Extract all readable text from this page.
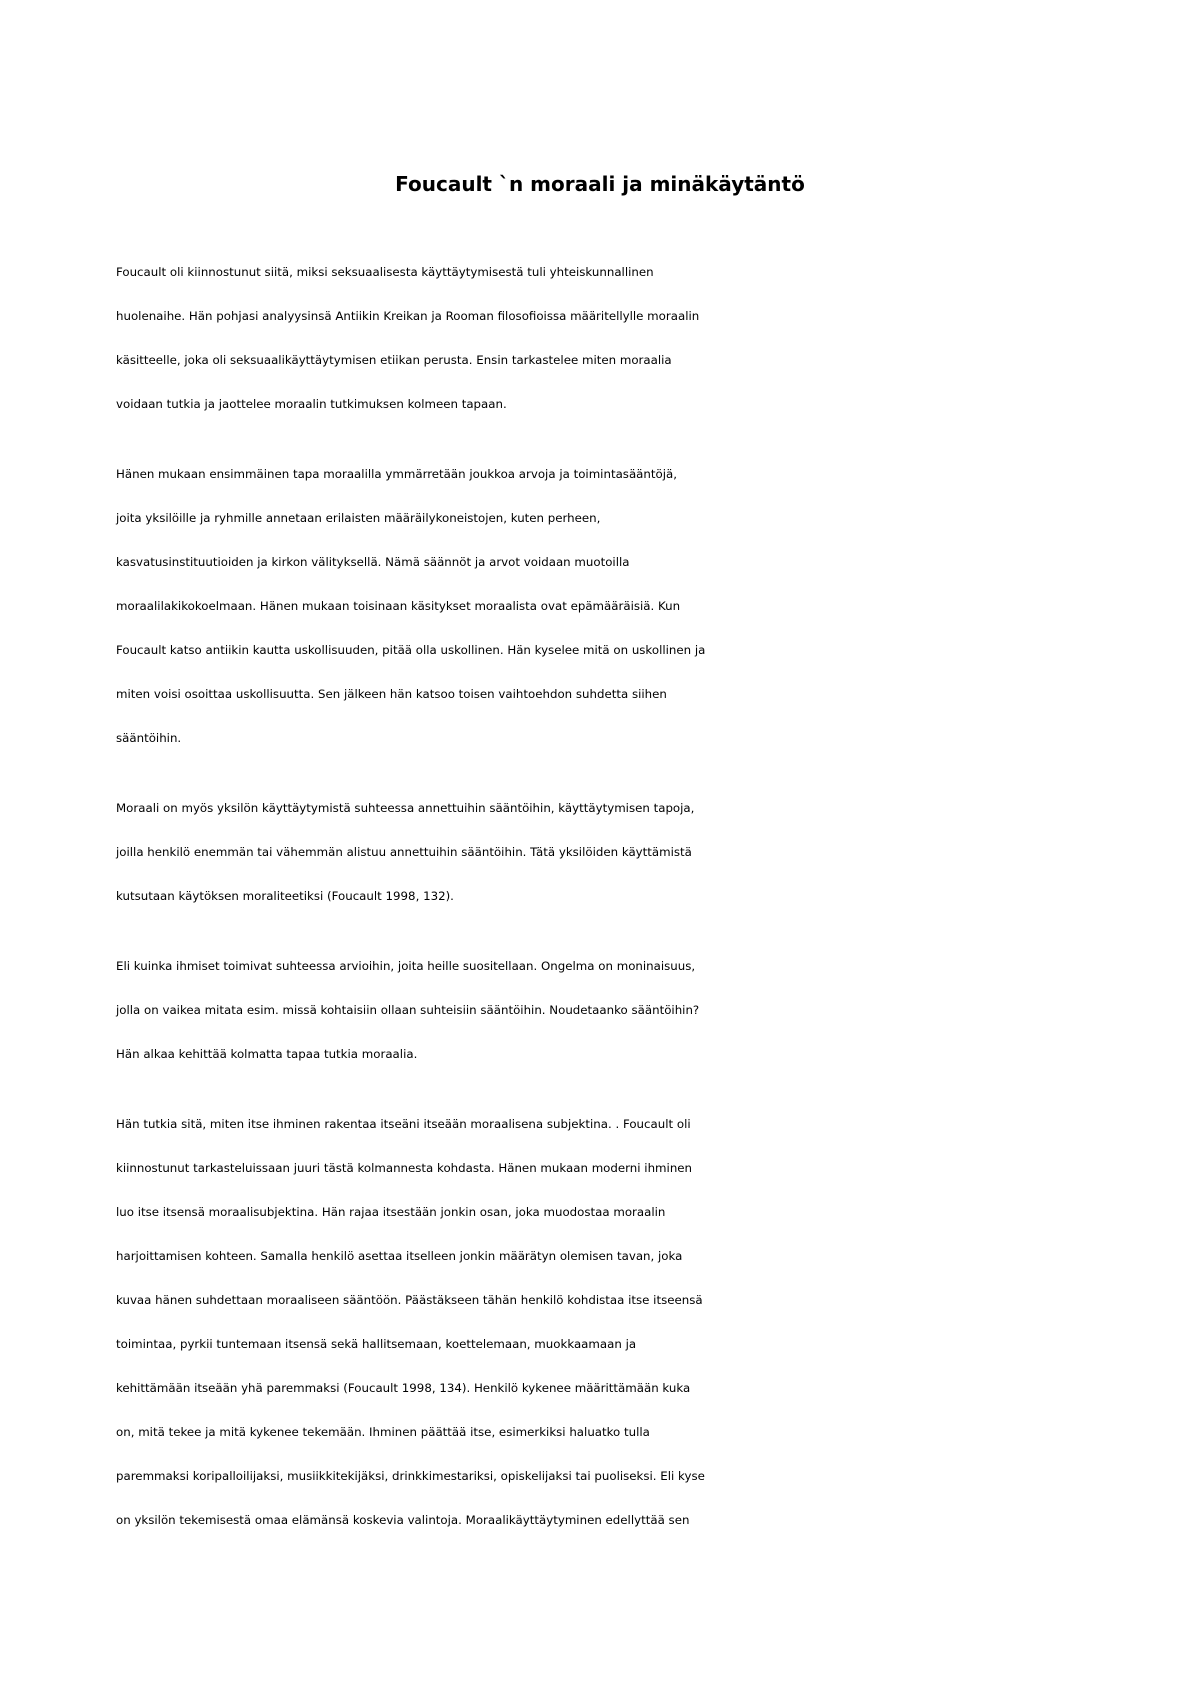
Foucault `n moraali ja minäkäytäntö

Foucault oli kiinnostunut siitä, miksi seksuaalisesta käyttäytymisestä tuli yhteiskunnallinen
huolenaihe. Hän pohjasi analyysinsä Antiikin Kreikan ja Rooman filosofioissa määritellylle moraalin
käsitteelle, joka oli seksuaalikäyttäytymisen etiikan perusta. Ensin tarkastelee miten moraalia
voidaan tutkia ja jaottelee moraalin tutkimuksen kolmeen tapaan.

Hänen mukaan ensimmäinen tapa moraalilla ymmärretään joukkoa arvoja ja toimintasääntöjä,
joita yksilöille ja ryhmille annetaan erilaisten määräilykoneistojen, kuten perheen,
kasvatusinstituutioiden ja kirkon välityksellä. Nämä säännöt ja arvot voidaan muotoilla
moraalilakikokoelmaan. Hänen mukaan toisinaan käsitykset moraalista ovat epämääräisiä. Kun
Foucault katso antiikin kautta uskollisuuden, pitää olla uskollinen. Hän kyselee mitä on uskollinen ja
miten voisi osoittaa uskollisuutta. Sen jälkeen hän katsoo toisen vaihtoehdon suhdetta siihen
sääntöihin.

Moraali on myös yksilön käyttäytymistä suhteessa annettuihin sääntöihin, käyttäytymisen tapoja,
joilla henkilö enemmän tai vähemmän alistuu annettuihin sääntöihin. Tätä yksilöiden käyttämistä
kutsutaan käytöksen moraliteetiksi (Foucault 1998, 132).

Eli kuinka ihmiset toimivat suhteessa arvioihin, joita heille suositellaan. Ongelma on moninaisuus,
jolla on vaikea mitata esim. missä kohtaisiin ollaan suhteisiin sääntöihin. Noudetaanko sääntöihin?
Hän alkaa kehittää kolmatta tapaa tutkia moraalia.

Hän tutkia sitä, miten itse ihminen rakentaa itseäni itseään moraalisena subjektina. . Foucault oli
kiinnostunut tarkasteluissaan juuri tästä kolmannesta kohdasta. Hänen mukaan moderni ihminen
luo itse itsensä moraalisubjektina. Hän rajaa itsestään jonkin osan, joka muodostaa moraalin
harjoittamisen kohteen. Samalla henkilö asettaa itselleen jonkin määrätyn olemisen tavan, joka
kuvaa hänen suhdettaan moraaliseen sääntöön. Päästäkseen tähän henkilö kohdistaa itse itseensä
toimintaa, pyrkii tuntemaan itsensä sekä hallitsemaan, koettelemaan, muokkaamaan ja
kehittämään itseään yhä paremmaksi (Foucault 1998, 134). Henkilö kykenee määrittämään kuka
on, mitä tekee ja mitä kykenee tekemään. Ihminen päättää itse, esimerkiksi haluatko tulla
paremmaksi koripalloilijaksi, musiikkitekijäksi, drinkkimestariksi, opiskelijaksi tai puoliseksi. Eli kyse
on yksilön tekemisestä omaa elämänsä koskevia valintoja. Moraalikäyttäytyminen edellyttää sen
